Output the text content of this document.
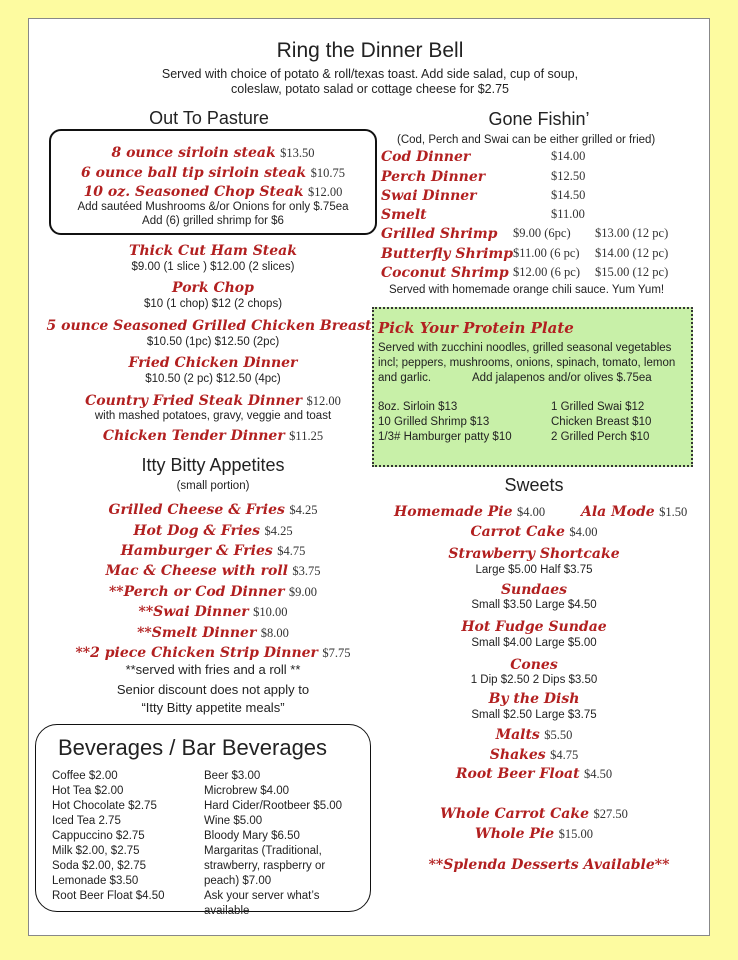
Ring the Dinner Bell
Served with choice of potato & roll/texas toast. Add side salad, cup of soup,
coleslaw, potato salad or cottage cheese for $2.75
Out To Pasture
8 ounce sirloin steak $13.50
6 ounce ball tip sirloin steak $10.75
10 oz. Seasoned Chop Steak $12.00
Add sautéed Mushrooms &/or Onions for only $.75ea
Add (6) grilled shrimp for $6
Thick Cut Ham Steak
$9.00 (1 slice ) $12.00 (2 slices)
Pork Chop
$10 (1 chop) $12 (2 chops)
5 ounce Seasoned Grilled Chicken Breast
$10.50 (1pc) $12.50 (2pc)
Fried Chicken Dinner
$10.50 (2 pc) $12.50 (4pc)
Country Fried Steak Dinner $12.00
with mashed potatoes, gravy, veggie and toast
Chicken Tender Dinner $11.25
Gone Fishin’
(Cod, Perch and Swai can be either grilled or fried)
Cod Dinner	$14.00
Perch Dinner	$12.50
Swai Dinner	$14.50
Smelt	$11.00
Grilled Shrimp $9.00 (6pc) $13.00 (12 pc)
Butterfly Shrimp $11.00 (6 pc) $14.00 (12 pc)
Coconut Shrimp $12.00 (6 pc) $15.00 (12 pc)
Served with homemade orange chili sauce. Yum Yum!
Pick Your Protein Plate
Served with zucchini noodles, grilled seasonal vegetables
incl; peppers, mushrooms, onions, spinach, tomato, lemon
and garlic.	Add jalapenos and/or olives $.75ea
8oz. Sirloin $13
10 Grilled Shrimp $13
1/3# Hamburger patty $10
1 Grilled Swai $12
Chicken Breast $10
2 Grilled Perch $10
Itty Bitty Appetites
(small portion)
Grilled Cheese & Fries $4.25
Hot Dog & Fries $4.25
Hamburger & Fries $4.75
Mac & Cheese with roll $3.75
**Perch or Cod Dinner $9.00
**Swai Dinner $10.00
**Smelt Dinner $8.00
**2 piece Chicken Strip Dinner $7.75
**served with fries and a roll **
Senior discount does not apply to
“Itty Bitty appetite meals”
Sweets
Homemade Pie $4.00	Ala Mode $1.50
Carrot Cake $4.00
Strawberry Shortcake
Large $5.00 Half $3.75
Sundaes
Small $3.50 Large $4.50
Hot Fudge Sundae
Small $4.00 Large $5.00
Cones
1 Dip $2.50 2 Dips $3.50
By the Dish
Small $2.50 Large $3.75
Malts $5.50
Shakes $4.75
Root Beer Float $4.50
Whole Carrot Cake $27.50
Whole Pie $15.00
**Splenda Desserts Available**
Beverages / Bar Beverages
Coffee $2.00
Hot Tea $2.00
Hot Chocolate $2.75
Iced Tea 2.75
Cappuccino $2.75
Milk $2.00, $2.75
Soda $2.00, $2.75
Lemonade $3.50
Root Beer Float $4.50
Beer $3.00
Microbrew $4.00
Hard Cider/Rootbeer $5.00
Wine $5.00
Bloody Mary $6.50
Margaritas (Traditional,
strawberry, raspberry or
peach) $7.00
Ask your server what’s
available
